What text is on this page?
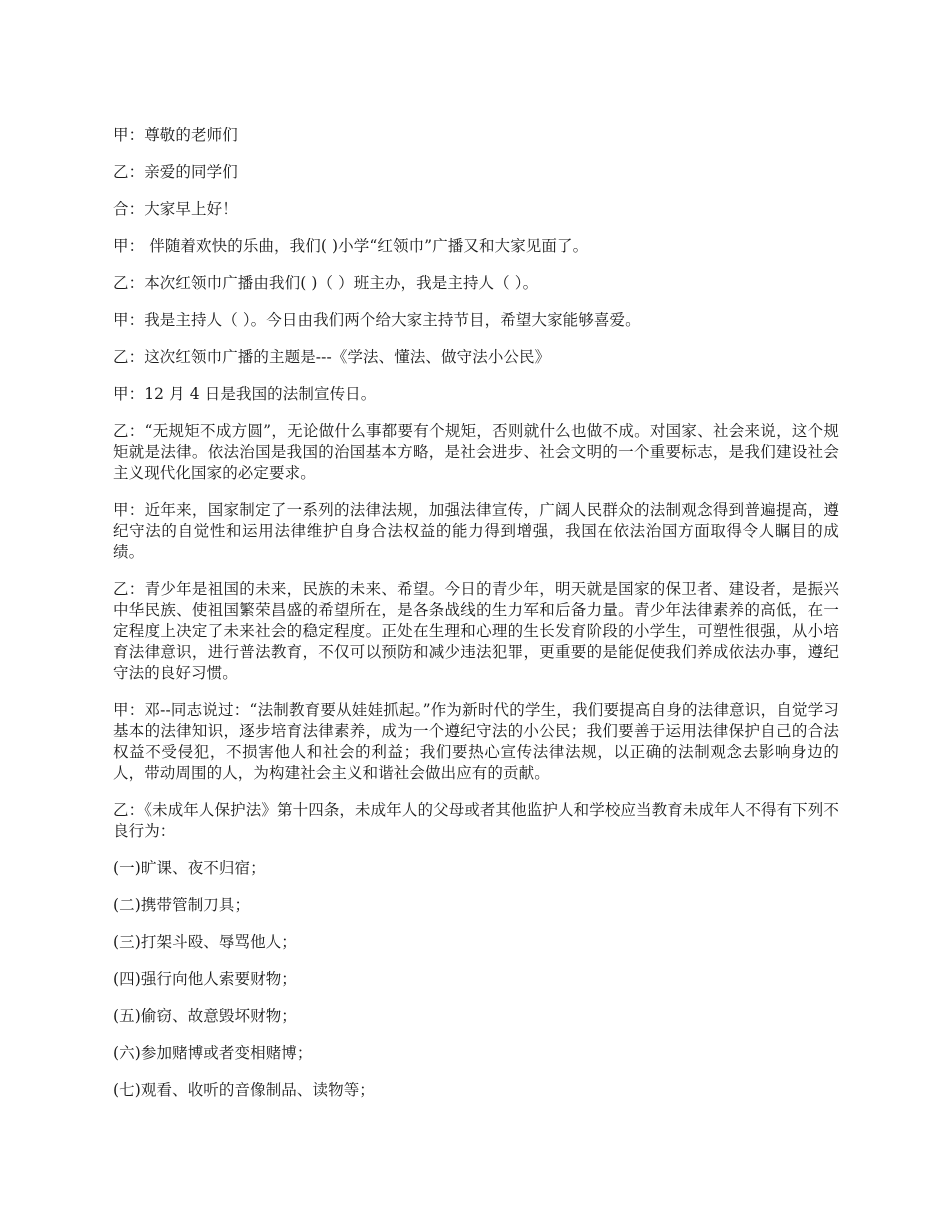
甲：尊敬的老师们

乙：亲爱的同学们

合：大家早上好！

甲： 伴随着欢快的乐曲，我们( )小学“红领巾”广播又和大家见面了。

乙：本次红领巾广播由我们( )（ ）班主办，我是主持人（ ）。

甲：我是主持人（ ）。今日由我们两个给大家主持节目，希望大家能够喜爱。

乙：这次红领巾广播的主题是---《学法、懂法、做守法小公民》

甲：12 月 4 日是我国的法制宣传日。

乙：“无规矩不成方圆”，无论做什么事都要有个规矩，否则就什么也做不成。对国家、社会来说，这个规矩就是法律。依法治国是我国的治国基本方略，是社会进步、社会文明的一个重要标志，是我们建设社会主义现代化国家的必定要求。

甲：近年来，国家制定了一系列的法律法规，加强法律宣传，广阔人民群众的法制观念得到普遍提高，遵纪守法的自觉性和运用法律维护自身合法权益的能力得到增强，我国在依法治国方面取得令人瞩目的成绩。

乙：青少年是祖国的未来，民族的未来、希望。今日的青少年，明天就是国家的保卫者、建设者，是振兴中华民族、使祖国繁荣昌盛的希望所在，是各条战线的生力军和后备力量。青少年法律素养的高低，在一定程度上决定了未来社会的稳定程度。正处在生理和心理的生长发育阶段的小学生，可塑性很强，从小培育法律意识，进行普法教育，不仅可以预防和减少违法犯罪，更重要的是能促使我们养成依法办事，遵纪守法的良好习惯。

甲：邓--同志说过：“法制教育要从娃娃抓起。”作为新时代的学生，我们要提高自身的法律意识，自觉学习基本的法律知识，逐步培育法律素养，成为一个遵纪守法的小公民；我们要善于运用法律保护自己的合法权益不受侵犯，不损害他人和社会的利益；我们要热心宣传法律法规，以正确的法制观念去影响身边的人，带动周围的人，为构建社会主义和谐社会做出应有的贡献。

乙：《未成年人保护法》第十四条，未成年人的父母或者其他监护人和学校应当教育未成年人不得有下列不良行为：

(一)旷课、夜不归宿；

(二)携带管制刀具；

(三)打架斗殴、辱骂他人；

(四)强行向他人索要财物；

(五)偷窃、故意毁坏财物；

(六)参加赌博或者变相赌博；

(七)观看、收听的音像制品、读物等；
